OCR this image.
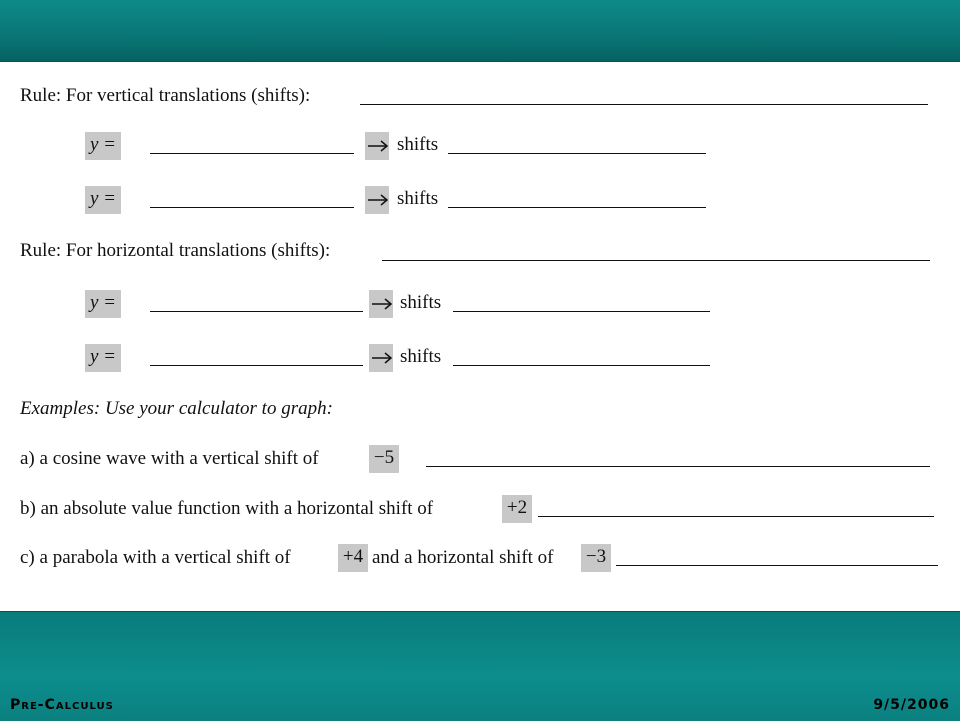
Rule: For vertical translations (shifts):
y =	shifts
y =	shifts
Rule: For horizontal translations (shifts):
y =	shifts
y =	shifts
Examples: Use your calculator to graph:
a) a cosine wave with a vertical shift of	−5
b) an absolute value function with a horizontal shift of	+2
c) a parabola with a vertical shift of	+4 and a horizontal shift of −3
Pre-Calculus	9/5/2006
